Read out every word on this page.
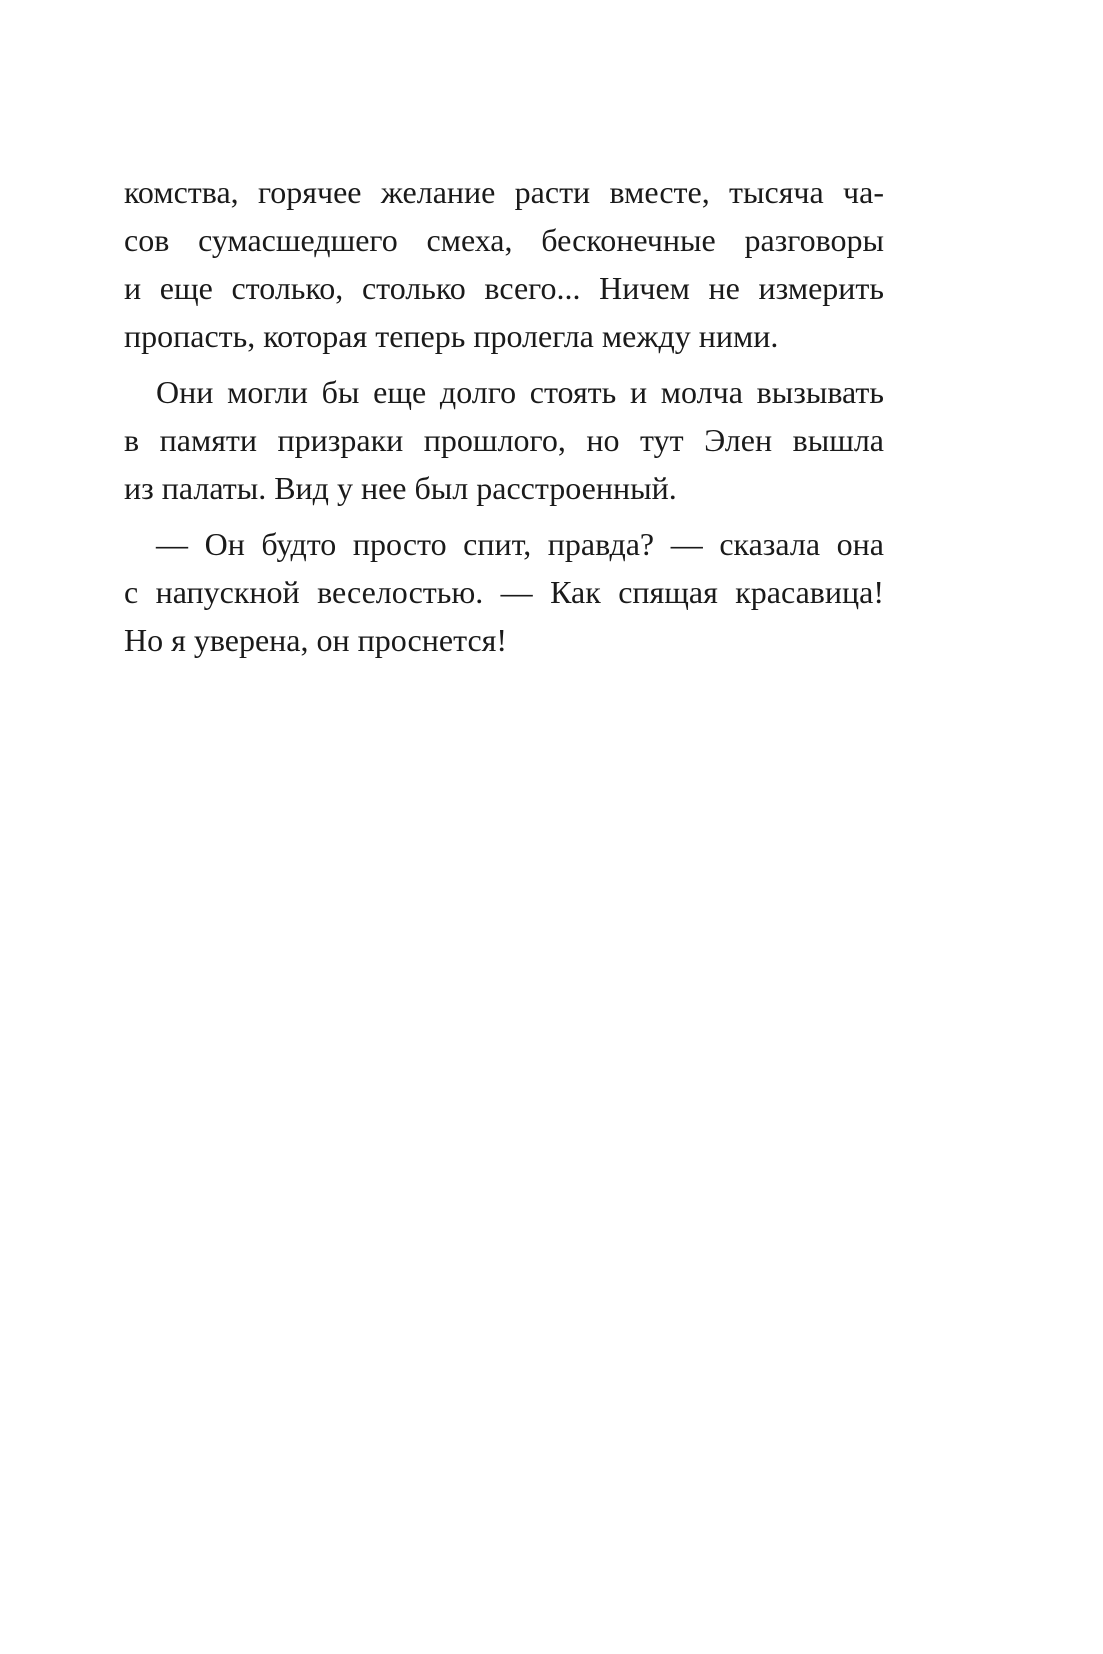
комства, горячее желание расти вместе, тысяча ча-
сов сумасшедшего смеха, бесконечные разговоры
и еще столько, столько всего... Ничем не измерить
пропасть, которая теперь пролегла между ними.
Они могли бы еще долго стоять и молча вызывать
в памяти призраки прошлого, но тут Элен вышла
из палаты. Вид у нее был расстроенный.
— Он будто просто спит, правда? — сказала она
с напускной веселостью. — Как спящая красавица!
Но я уверена, он проснется!
